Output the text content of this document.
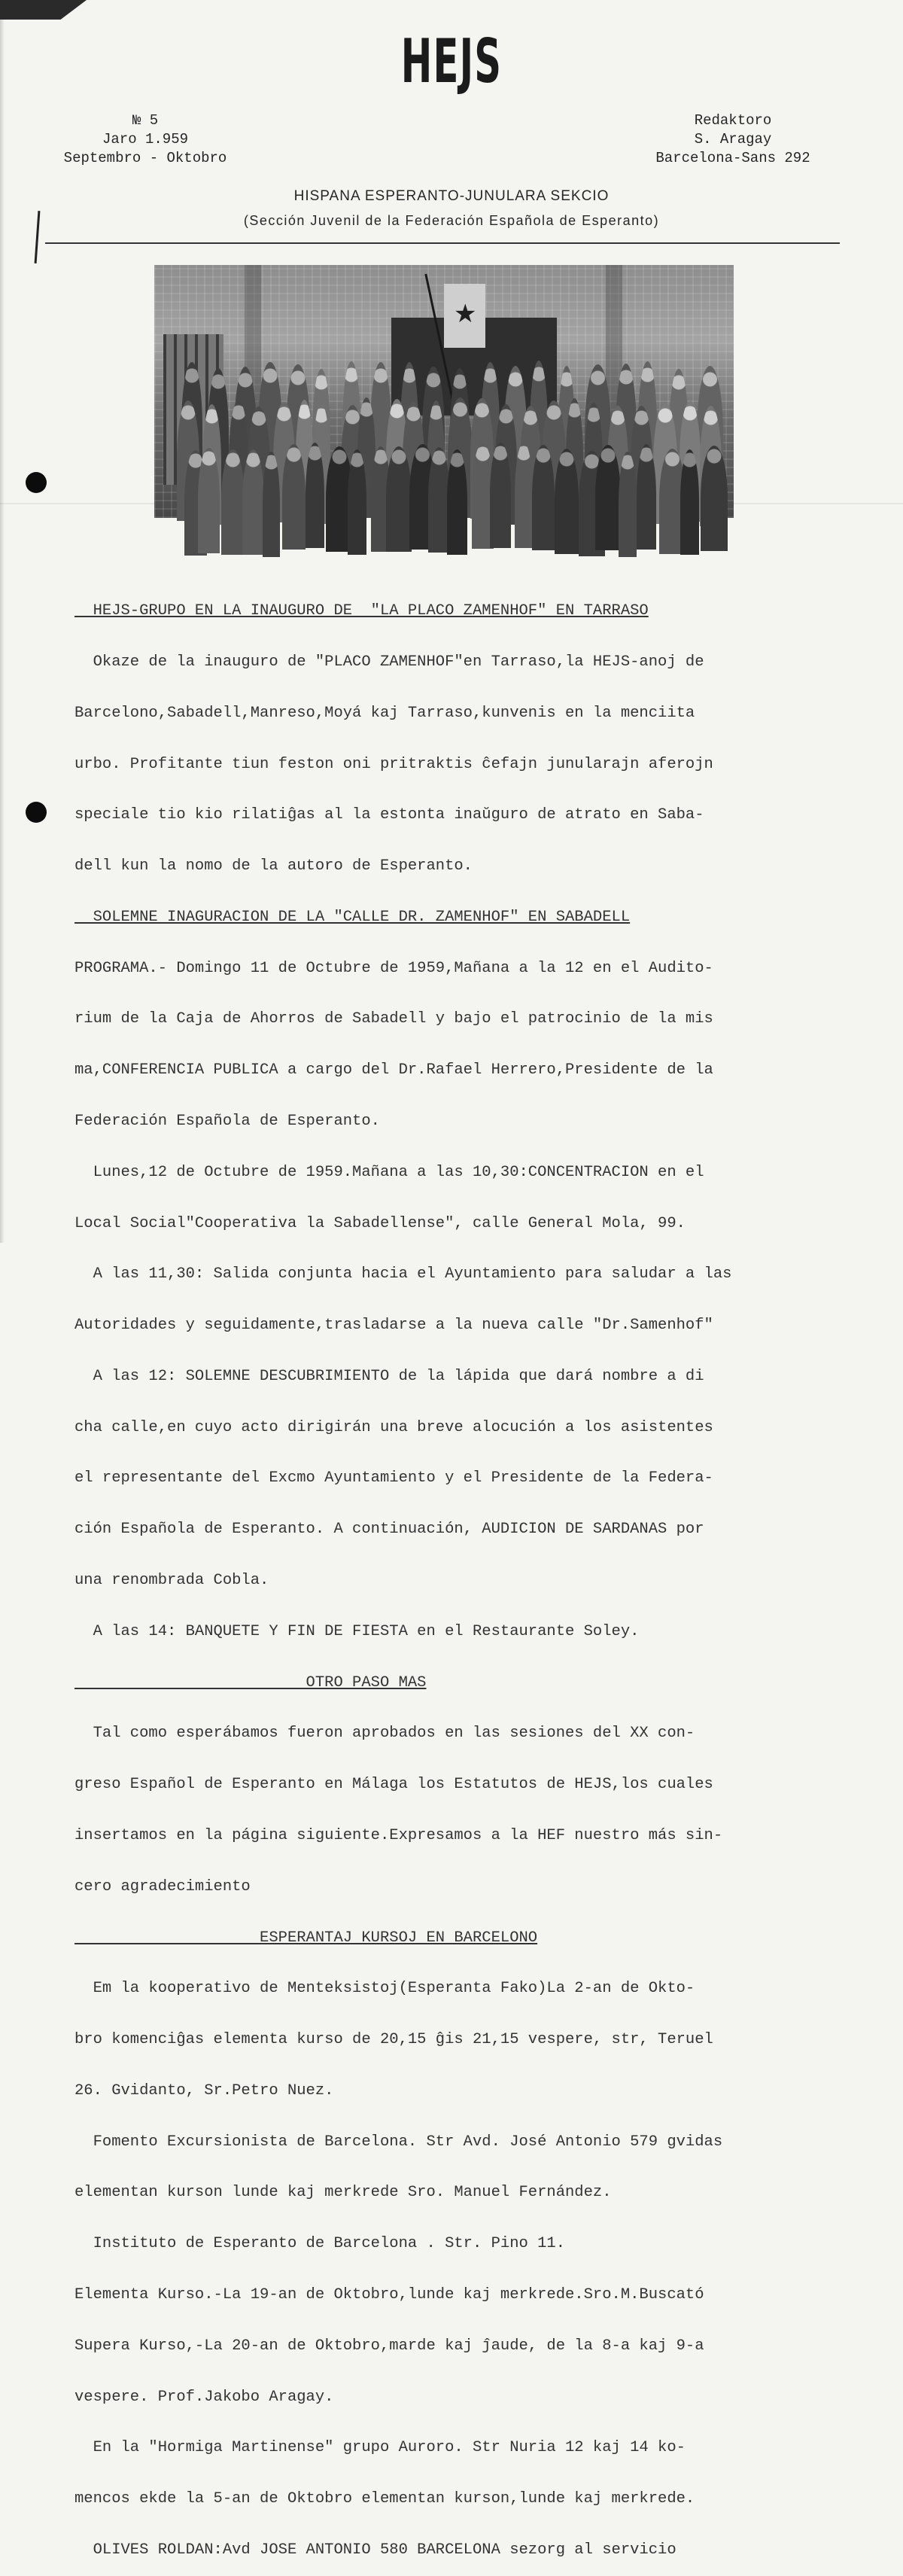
HEJS
№ 5
Jaro 1.959
Septembro - Oktobro
Redaktoro
S. Aragay
Barcelona-Sans 292
HISPANA ESPERANTO-JUNULARA SEKCIO
(Sección Juvenil de la Federación Española de Esperanto)
★

HEJS-GRUPO EN LA INAUGURO DE  "LA PLACO ZAMENHOF" EN TARRASO

Okaze de la inauguro de "PLACO ZAMENHOF"en Tarraso,la HEJS-anoj de

Barcelono,Sabadell,Manreso,Moyá kaj Tarraso,kunvenis en la menciita

urbo. Profitante tiun feston oni pritraktis ĉefajn junularajn aferojn

speciale tio kio rilatiĝas al la estonta inaŭguro de atrato en Saba-

dell kun la nomo de la autoro de Esperanto.

SOLEMNE INAGURACION DE LA "CALLE DR. ZAMENHOF" EN SABADELL

PROGRAMA.- Domingo 11 de Octubre de 1959,Mañana a la 12 en el Audito-

rium de la Caja de Ahorros de Sabadell y bajo el patrocinio de la mis

ma,CONFERENCIA PUBLICA a cargo del Dr.Rafael Herrero,Presidente de la

Federación Española de Esperanto.

Lunes,12 de Octubre de 1959.Mañana a las 10,30:CONCENTRACION en el

Local Social"Cooperativa la Sabadellense", calle General Mola, 99.

A las 11,30: Salida conjunta hacia el Ayuntamiento para saludar a las

Autoridades y seguidamente,trasladarse a la nueva calle "Dr.Samenhof"

A las 12: SOLEMNE DESCUBRIMIENTO de la lápida que dará nombre a di

cha calle,en cuyo acto dirigirán una breve alocución a los asistentes

el representante del Excmo Ayuntamiento y el Presidente de la Federa-

ción Española de Esperanto. A continuación, AUDICION DE SARDANAS por

una renombrada Cobla.

A las 14: BANQUETE Y FIN DE FIESTA en el Restaurante Soley.

OTRO PASO MAS

Tal como esperábamos fueron aprobados en las sesiones del XX con-

greso Español de Esperanto en Málaga los Estatutos de HEJS,los cuales

insertamos en la página siguiente.Expresamos a la HEF nuestro más sin-

cero agradecimiento

ESPERANTAJ KURSOJ EN BARCELONO

Em la kooperativo de Menteksistoj(Esperanta Fako)La 2-an de Okto-

bro komenciĝas elementa kurso de 20,15 ĝis 21,15 vespere, str, Teruel

26. Gvidanto, Sr.Petro Nuez.

Fomento Excursionista de Barcelona. Str Avd. José Antonio 579 gvidas

elementan kurson lunde kaj merkrede Sro. Manuel Fernández.

Instituto de Esperanto de Barcelona . Str. Pino 11.

Elementa Kurso.-La 19-an de Oktobro,lunde kaj merkrede.Sro.M.Buscató

Supera Kurso,-La 20-an de Oktobro,marde kaj ĵaude, de la 8-a kaj 9-a

vespere. Prof.Jakobo Aragay.

En la "Hormiga Martinense" grupo Auroro. Str Nuria 12 kaj 14 ko-

mencos ekde la 5-an de Oktobro elementan kurson,lunde kaj merkrede.

OLIVES ROLDAN:Avd JOSE ANTONIO 580 BARCELONA sezorg al servicio
